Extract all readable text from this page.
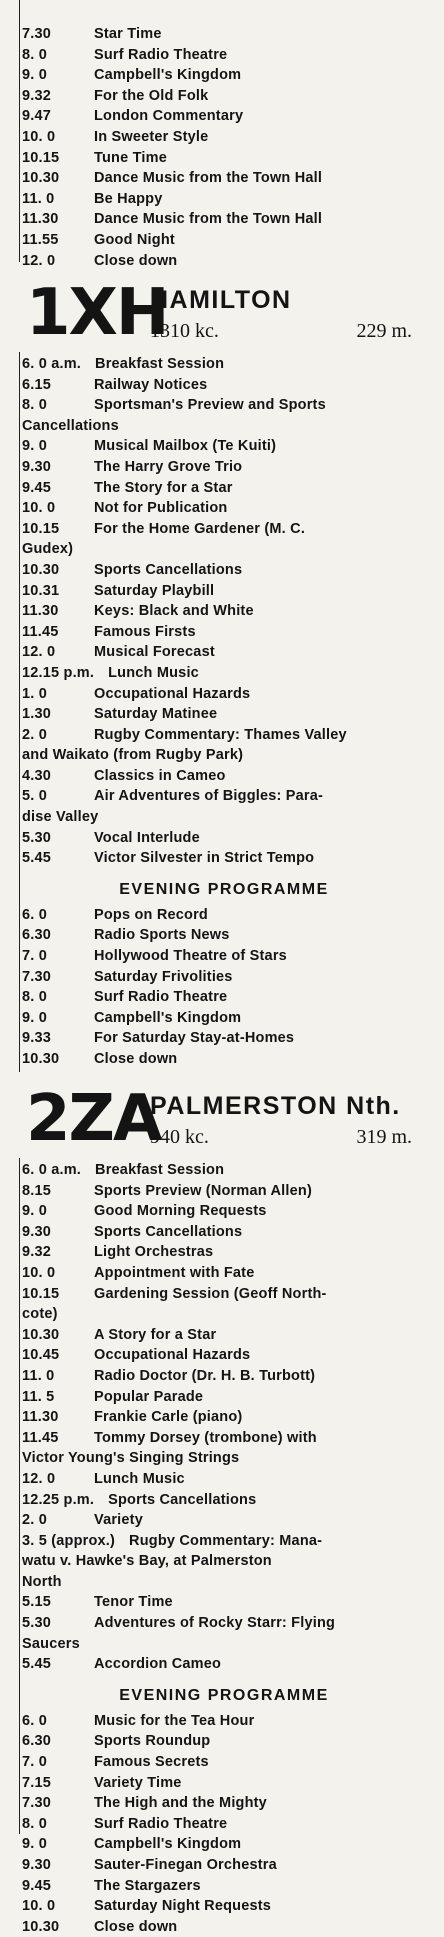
7.30	Star Time
8. 0	Surf Radio Theatre
9. 0	Campbell's Kingdom
9.32	For the Old Folk
9.47	London Commentary
10. 0	In Sweeter Style
10.15 Tune Time
10.30 Dance Music from the Town Hall
11. 0	Be Happy
11.30 Dance Music from the Town Hall
11.55 Good Night
12. 0	Close down
1XH
HAMILTON
1310 kc.	229 m.
6. 0 a.m. Breakfast Session
6.15	Railway Notices
8. 0	Sportsman's Preview and Sports
Cancellations
9. 0	Musical Mailbox (Te Kuiti)
9.30	The Harry Grove Trio
9.45	The Story for a Star
10. 0	Not for Publication
10.15 For the Home Gardener (M. C.
Gudex)
10.30 Sports Cancellations
10.31 Saturday Playbill
11.30 Keys: Black and White
11.45 Famous Firsts
12. 0	Musical Forecast
12.15 p.m. Lunch Music
1. 0	Occupational Hazards
1.30	Saturday Matinee
2. 0	Rugby Commentary: Thames Valley
and Waikato (from Rugby Park)
4.30	Classics in Cameo
5. 0	Air Adventures of Biggles: Para-
dise Valley
5.30	Vocal Interlude
5.45	Victor Silvester in Strict Tempo
EVENING PROGRAMME
6. 0	Pops on Record
6.30	Radio Sports News
7. 0	Hollywood Theatre of Stars
7.30	Saturday Frivolities
8. 0	Surf Radio Theatre
9. 0	Campbell's Kingdom
9.33	For Saturday Stay-at-Homes
10.30 Close down
2ZA
PALMERSTON Nth.
940 kc.	319 m.
6. 0 a.m. Breakfast Session
8.15	Sports Preview (Norman Allen)
9. 0	Good Morning Requests
9.30	Sports Cancellations
9.32	Light Orchestras
10. 0	Appointment with Fate
10.15 Gardening Session (Geoff North-
cote)
10.30 A Story for a Star
10.45 Occupational Hazards
11. 0	Radio Doctor (Dr. H. B. Turbott)
11. 5	Popular Parade
11.30 Frankie Carle (piano)
11.45 Tommy Dorsey (trombone) with
Victor Young's Singing Strings
12. 0	Lunch Music
12.25 p.m. Sports Cancellations
2. 0	Variety
3. 5 (approx.) Rugby Commentary: Mana-
watu v. Hawke's Bay, at Palmerston
North
5.15	Tenor Time
5.30	Adventures of Rocky Starr: Flying
Saucers
5.45	Accordion Cameo
EVENING PROGRAMME
6. 0	Music for the Tea Hour
6.30	Sports Roundup
7. 0	Famous Secrets
7.15	Variety Time
7.30	The High and the Mighty
8. 0	Surf Radio Theatre
9. 0	Campbell's Kingdom
9.30	Sauter-Finegan Orchestra
9.45	The Stargazers
10. 0	Saturday Night Requests
10.30 Close down
